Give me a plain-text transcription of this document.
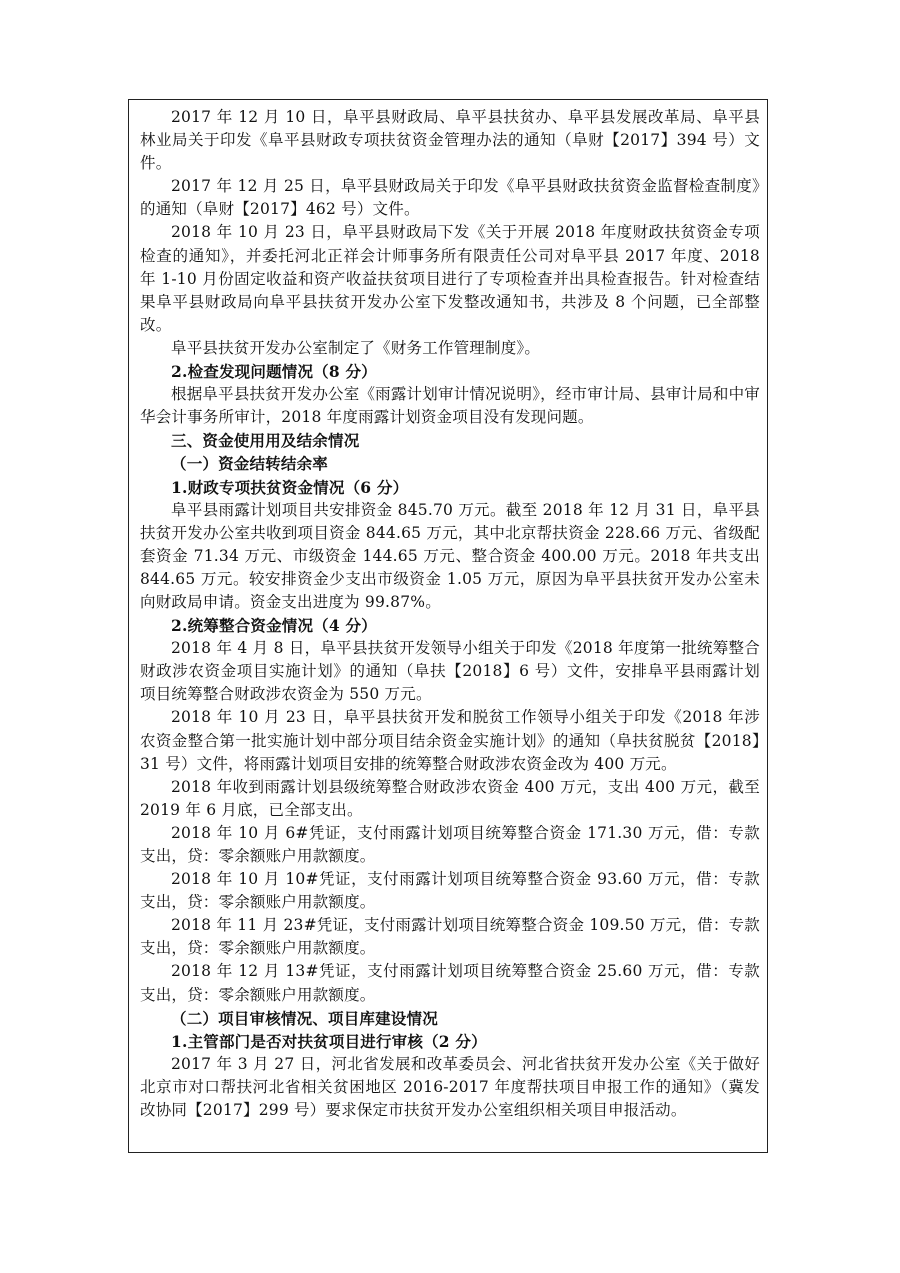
2017 年 12 月 10 日，阜平县财政局、阜平县扶贫办、阜平县发展改革局、阜平县林业局关于印发《阜平县财政专项扶贫资金管理办法的通知（阜财【2017】394 号）文件。

2017 年 12 月 25 日，阜平县财政局关于印发《阜平县财政扶贫资金监督检查制度》的通知（阜财【2017】462 号）文件。

2018 年 10 月 23 日，阜平县财政局下发《关于开展 2018 年度财政扶贫资金专项检查的通知》，并委托河北正祥会计师事务所有限责任公司对阜平县 2017 年度、2018 年 1-10 月份固定收益和资产收益扶贫项目进行了专项检查并出具检查报告。针对检查结果阜平县财政局向阜平县扶贫开发办公室下发整改通知书，共涉及 8 个问题，已全部整改。

阜平县扶贫开发办公室制定了《财务工作管理制度》。

2.检查发现问题情况（8 分）

根据阜平县扶贫开发办公室《雨露计划审计情况说明》，经市审计局、县审计局和中审华会计事务所审计，2018 年度雨露计划资金项目没有发现问题。

三、资金使用用及结余情况

（一）资金结转结余率

1.财政专项扶贫资金情况（6 分）

阜平县雨露计划项目共安排资金 845.70 万元。截至 2018 年 12 月 31 日，阜平县扶贫开发办公室共收到项目资金 844.65 万元，其中北京帮扶资金 228.66 万元、省级配套资金 71.34 万元、市级资金 144.65 万元、整合资金 400.00 万元。2018 年共支出 844.65 万元。较安排资金少支出市级资金 1.05 万元，原因为阜平县扶贫开发办公室未向财政局申请。资金支出进度为 99.87%。

2.统筹整合资金情况（4 分）

2018 年 4 月 8 日，阜平县扶贫开发领导小组关于印发《2018 年度第一批统筹整合财政涉农资金项目实施计划》的通知（阜扶【2018】6 号）文件，安排阜平县雨露计划项目统筹整合财政涉农资金为 550 万元。

2018 年 10 月 23 日，阜平县扶贫开发和脱贫工作领导小组关于印发《2018 年涉农资金整合第一批实施计划中部分项目结余资金实施计划》的通知（阜扶贫脱贫【2018】31 号）文件，将雨露计划项目安排的统筹整合财政涉农资金改为 400 万元。

2018 年收到雨露计划县级统筹整合财政涉农资金 400 万元，支出 400 万元，截至 2019 年 6 月底，已全部支出。

2018 年 10 月 6#凭证，支付雨露计划项目统筹整合资金 171.30 万元，借：专款支出，贷：零余额账户用款额度。

2018 年 10 月 10#凭证，支付雨露计划项目统筹整合资金 93.60 万元，借：专款支出，贷：零余额账户用款额度。

2018 年 11 月 23#凭证，支付雨露计划项目统筹整合资金 109.50 万元，借：专款支出，贷：零余额账户用款额度。

2018 年 12 月 13#凭证，支付雨露计划项目统筹整合资金 25.60 万元，借：专款支出，贷：零余额账户用款额度。

（二）项目审核情况、项目库建设情况

1.主管部门是否对扶贫项目进行审核（2 分）

2017 年 3 月 27 日，河北省发展和改革委员会、河北省扶贫开发办公室《关于做好北京市对口帮扶河北省相关贫困地区 2016-2017 年度帮扶项目申报工作的通知》（冀发改协同【2017】299 号）要求保定市扶贫开发办公室组织相关项目申报活动。
